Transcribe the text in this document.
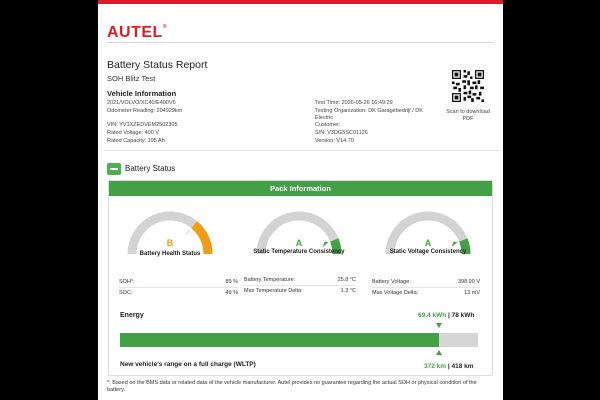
AUTEL®
Battery Status Report
SOH Blitz Test
Vehicle Information
2021/VOLVO/XC40/E400V6
Odometer Reading: 204929km
VIN: YV1XZEDVEM2502305
Rated Voltage: 400 V
Rated Capacity: 195 Ah
Test Time: 2026-05-26 16:49:29
Testing Organization: DK Garagebedrijf / DK
Electric
Customer:
S/N: V3DG5SC01126
Version: V14.70
Scan to download
PDF
Battery Status
Pack Information
B	A	A
Battery Health Status	Static Temperature Consistency	Static Voltage Consistency
SOH*:	89 %
SOC:	49 %
Battery Temperature:	25.8 °C
Max Temperature Delta:	1.3 °C
Battery Voltage:	398.90 V
Max Voltage Delta:	13 mV
Energy	69.4 kWh | 78 kWh
New vehicle's range on a full charge (WLTP)	372 km | 418 km
*: Based on the BMS data or related data of the vehicle manufacturer. Autel provides no guarantee regarding the actual SOH or physical condition of the battery.
